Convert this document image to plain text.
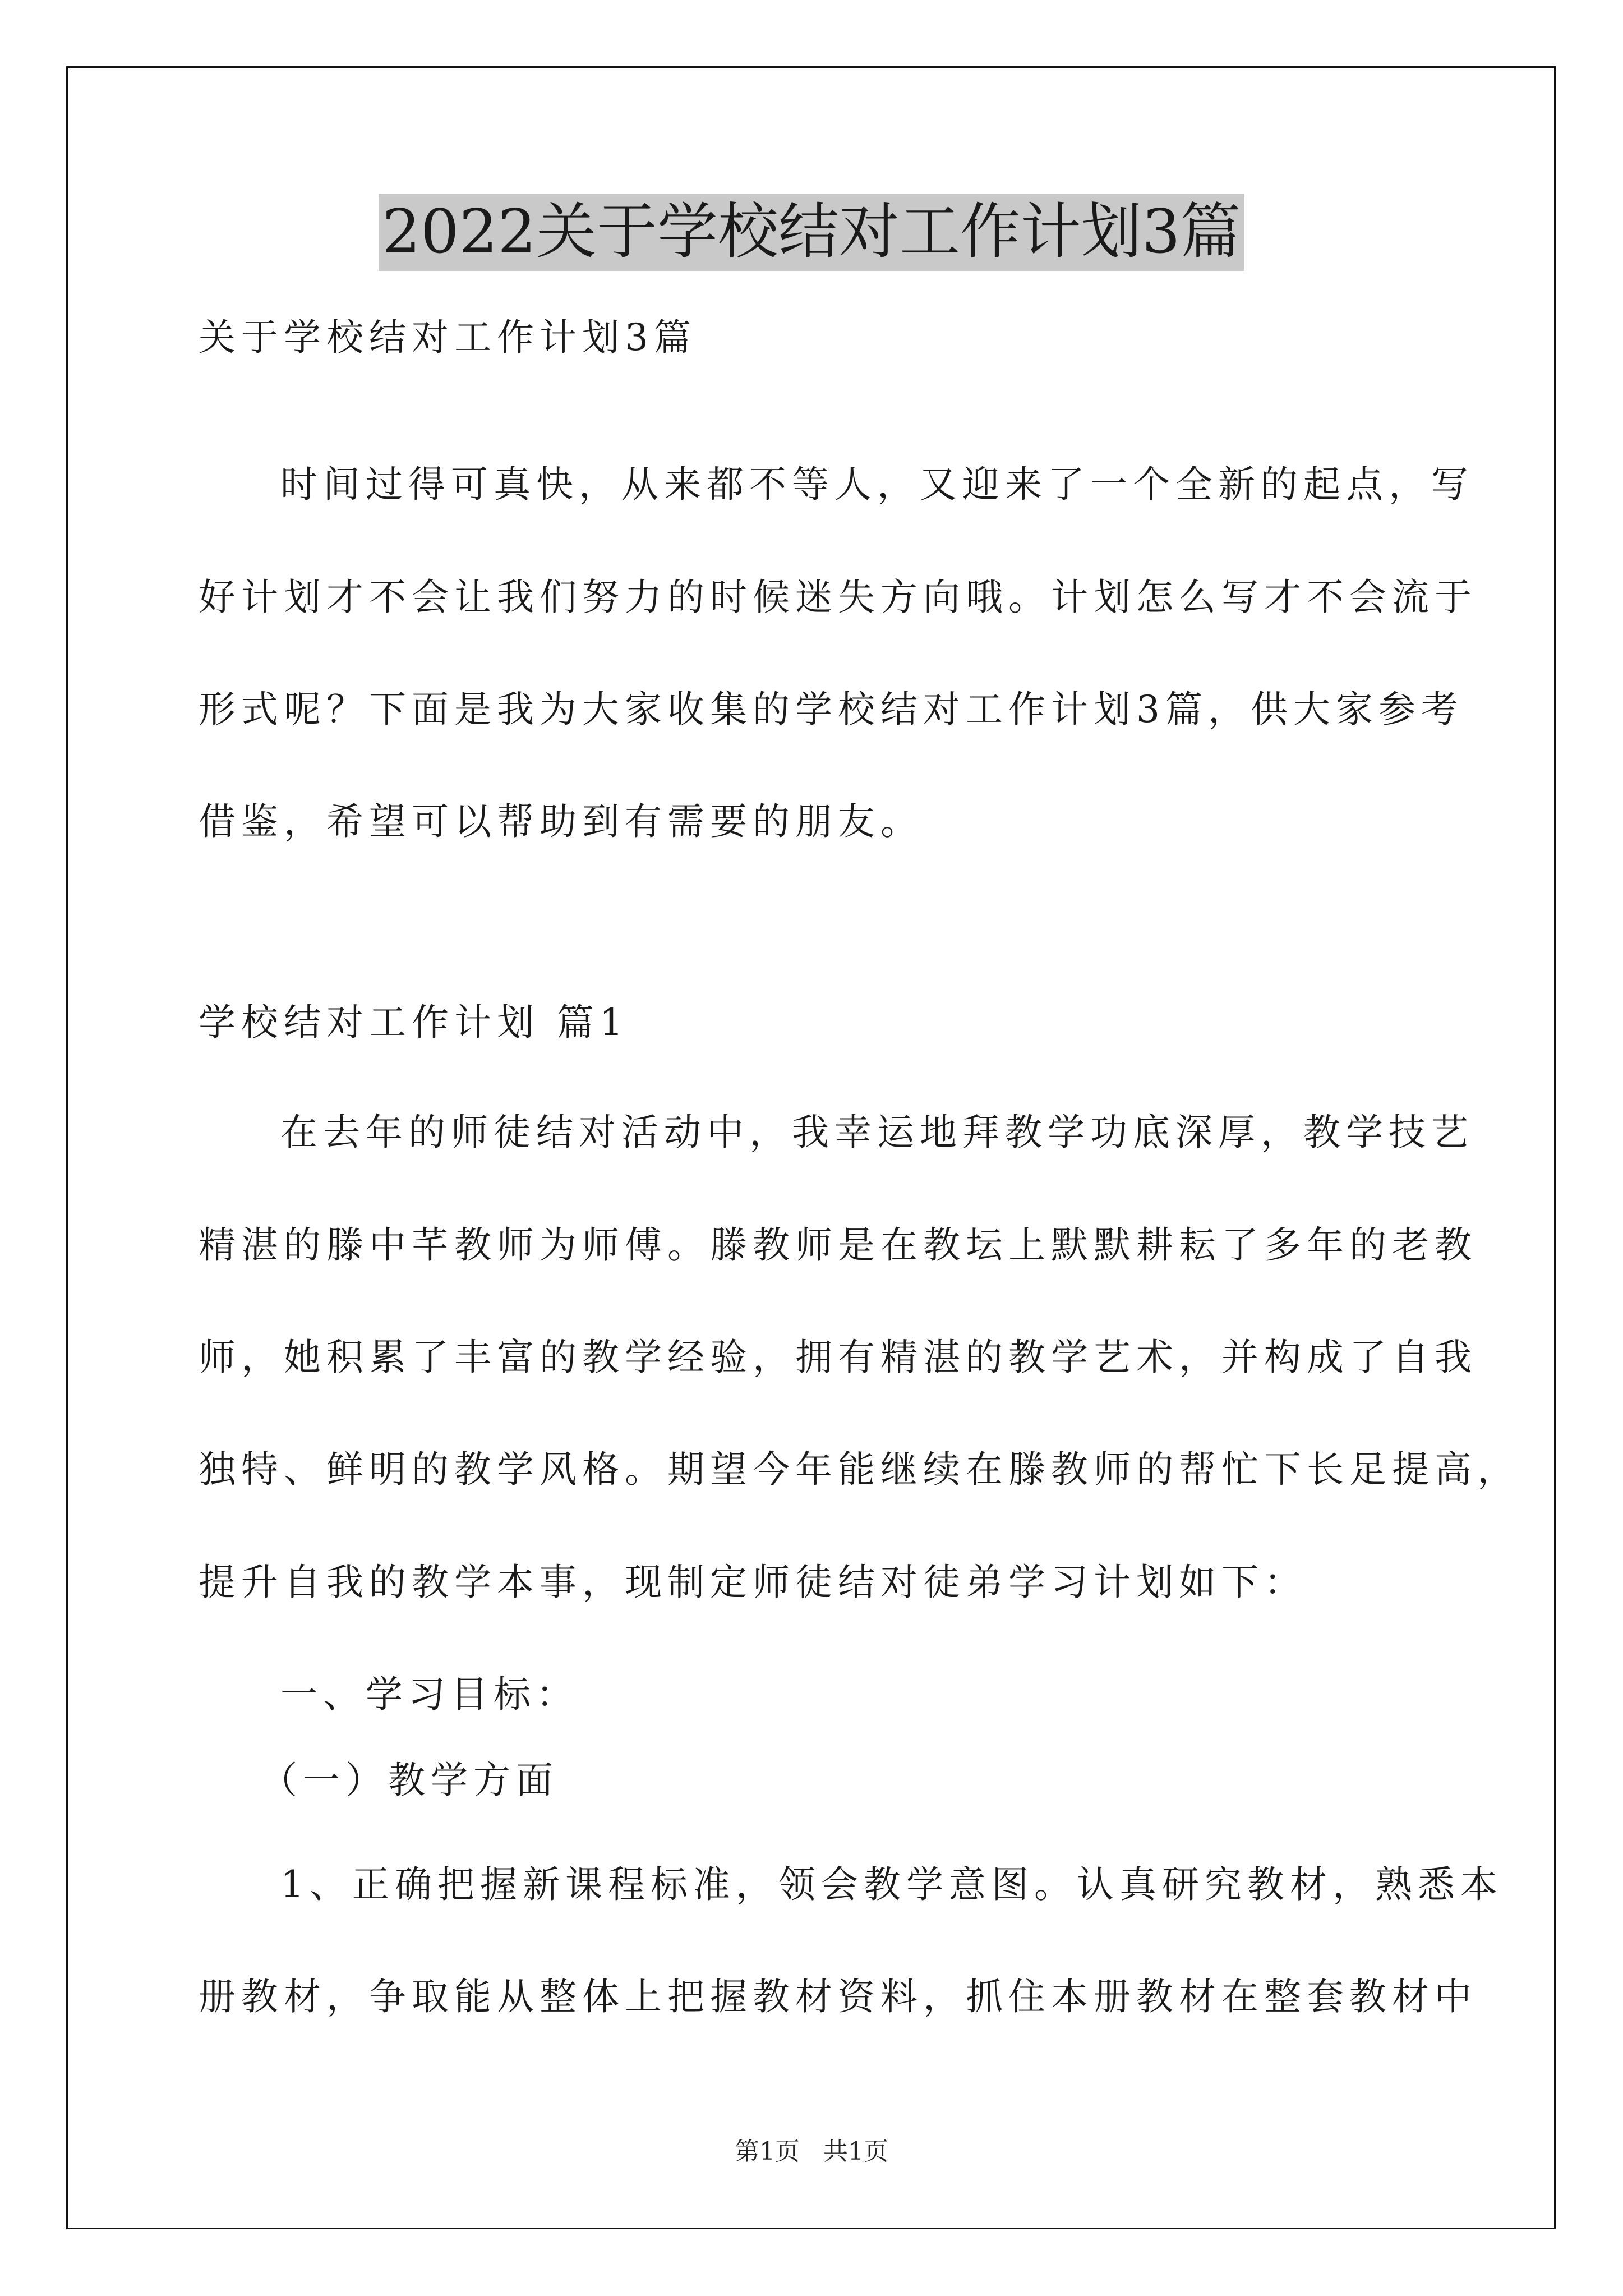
2022关于学校结对工作计划3篇
关于学校结对工作计划3篇
时间过得可真快，从来都不等人，又迎来了一个全新的起点，写
好计划才不会让我们努力的时候迷失方向哦。计划怎么写才不会流于
形式呢？下面是我为大家收集的学校结对工作计划3篇，供大家参考
借鉴，希望可以帮助到有需要的朋友。
学校结对工作计划 篇1
在去年的师徒结对活动中，我幸运地拜教学功底深厚，教学技艺
精湛的滕中芊教师为师傅。滕教师是在教坛上默默耕耘了多年的老教
师，她积累了丰富的教学经验，拥有精湛的教学艺术，并构成了自我
独特、鲜明的教学风格。期望今年能继续在滕教师的帮忙下长足提高，
提升自我的教学本事，现制定师徒结对徒弟学习计划如下：
一、学习目标：
（一）教学方面
1、正确把握新课程标准，领会教学意图。认真研究教材，熟悉本
册教材，争取能从整体上把握教材资料，抓住本册教材在整套教材中
第1页 共1页
